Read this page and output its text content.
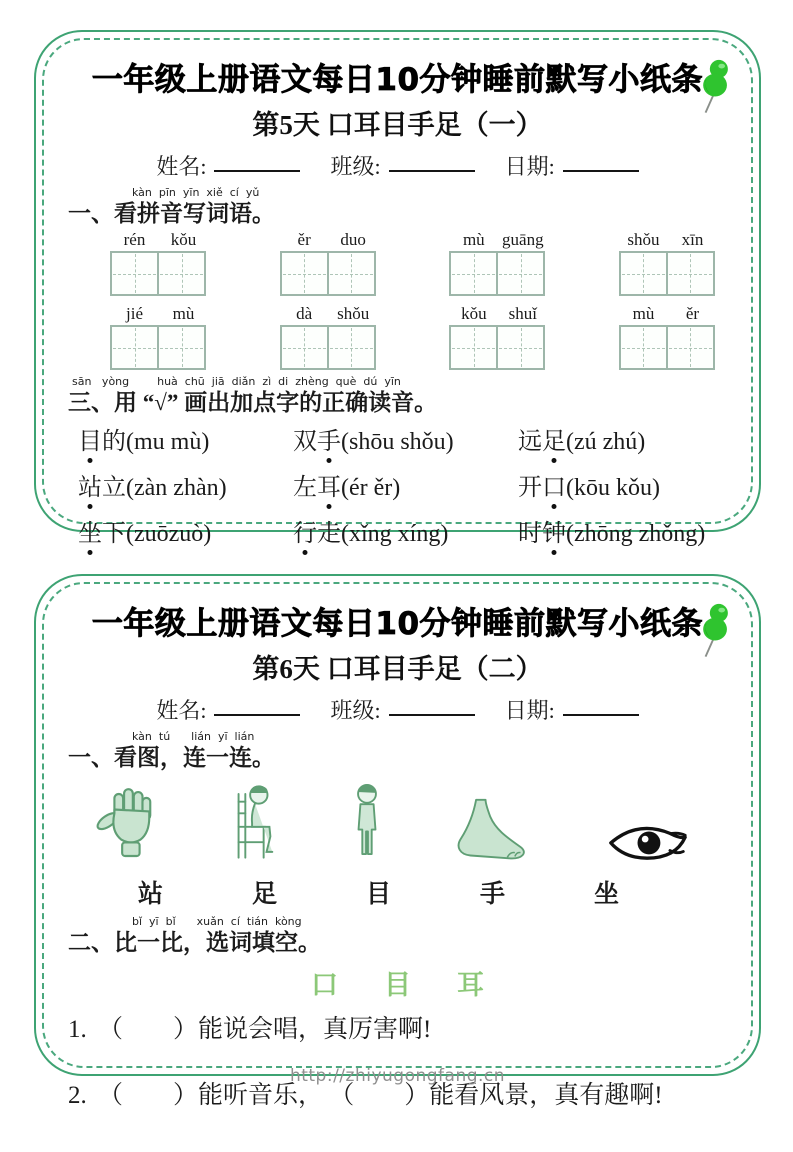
一年级上册语文每日10分钟睡前默写小纸条
第5天 口耳目手足（一）
姓名:	班级:	日期:
kàn  pīn  yīn  xiě  cí  yǔ
一、看拼音写词语。
rén	kǒu	ěr	duo	mù	guāng	shǒu	xīn
jié	mù	dà	shǒu	kǒu	shuǐ	mù	ěr
sān   yòng        huà  chū  jiā  diǎn  zì  di  zhèng  què  dú  yīn
三、用 “√” 画出加点字的正确读音。
目的(mu mù)	双手(shōu shǒu)	远足(zú zhú)
站立(zàn zhàn)	左耳(ér ěr)	开口(kōu kǒu)
坐下(zuōzuò)	行走(xǐng xíng)	时钟(zhōng zhǒng)
一年级上册语文每日10分钟睡前默写小纸条
第6天 口耳目手足（二）
姓名:	班级:	日期:
kàn  tú      lián  yī  lián
一、看图，连一连。
站	足	目	手	坐
bǐ  yī  bǐ      xuǎn  cí  tián  kòng
二、比一比，选词填空。
口 目 耳
1. （　　）能说会唱，真厉害啊!
2. （　　）能听音乐， （　　）能看风景，真有趣啊!
http://zhiyugongfang.cn
